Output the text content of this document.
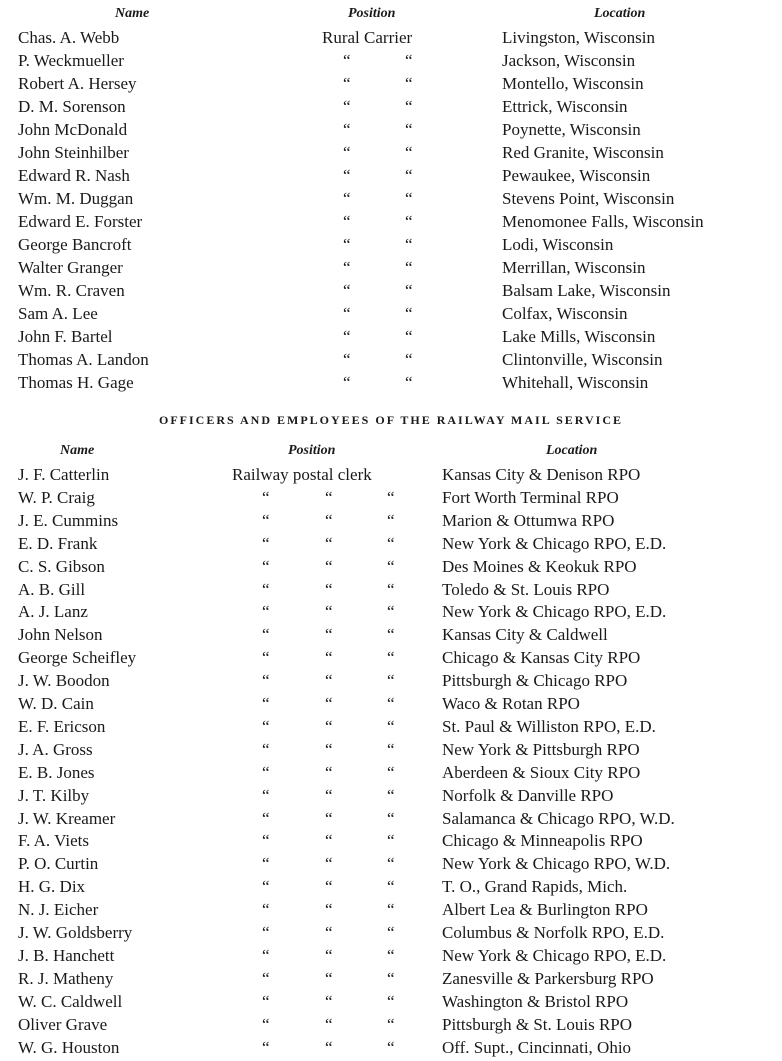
Name	Position	Location
Chas. A. Webb	Rural Carrier	Livingston, Wisconsin
P. Weckmueller	“	“	Jackson, Wisconsin
Robert A. Hersey	“	“	Montello, Wisconsin
D. M. Sorenson	“	“	Ettrick, Wisconsin
John McDonald	“	“	Poynette, Wisconsin
John Steinhilber	“	“	Red Granite, Wisconsin
Edward R. Nash	“	“	Pewaukee, Wisconsin
Wm. M. Duggan	“	“	Stevens Point, Wisconsin
Edward E. Forster	“	“	Menomonee Falls, Wisconsin
George Bancroft	“	“	Lodi, Wisconsin
Walter Granger	“	“	Merrillan, Wisconsin
Wm. R. Craven	“	“	Balsam Lake, Wisconsin
Sam A. Lee	“	“	Colfax, Wisconsin
John F. Bartel	“	“	Lake Mills, Wisconsin
Thomas A. Landon	“	“	Clintonville, Wisconsin
Thomas H. Gage	“	“	Whitehall, Wisconsin
OFFICERS AND EMPLOYEES OF THE RAILWAY MAIL SERVICE
Name	Position	Location
J. F. Catterlin	Railway postal clerk	Kansas City & Denison RPO
W. P. Craig	“	“	“	Fort Worth Terminal RPO
J. E. Cummins	“	“	“	Marion & Ottumwa RPO
E. D. Frank	“	“	“	New York & Chicago RPO, E.D.
C. S. Gibson	“	“	“	Des Moines & Keokuk RPO
A. B. Gill	“	“	“	Toledo & St. Louis RPO
A. J. Lanz	“	“	“	New York & Chicago RPO, E.D.
John Nelson	“	“	“	Kansas City & Caldwell
George Scheifley	“	“	“	Chicago & Kansas City RPO
J. W. Boodon	“	“	“	Pittsburgh & Chicago RPO
W. D. Cain	“	“	“	Waco & Rotan RPO
E. F. Ericson	“	“	“	St. Paul & Williston RPO, E.D.
J. A. Gross	“	“	“	New York & Pittsburgh RPO
E. B. Jones	“	“	“	Aberdeen & Sioux City RPO
J. T. Kilby	“	“	“	Norfolk & Danville RPO
J. W. Kreamer	“	“	“	Salamanca & Chicago RPO, W.D.
F. A. Viets	“	“	“	Chicago & Minneapolis RPO
P. O. Curtin	“	“	“	New York & Chicago RPO, W.D.
H. G. Dix	“	“	“	T. O., Grand Rapids, Mich.
N. J. Eicher	“	“	“	Albert Lea & Burlington RPO
J. W. Goldsberry	“	“	“	Columbus & Norfolk RPO, E.D.
J. B. Hanchett	“	“	“	New York & Chicago RPO, E.D.
R. J. Matheny	“	“	“	Zanesville & Parkersburg RPO
W. C. Caldwell	“	“	“	Washington & Bristol RPO
Oliver Grave	“	“	“	Pittsburgh & St. Louis RPO
W. G. Houston	“	“	“	Off. Supt., Cincinnati, Ohio
